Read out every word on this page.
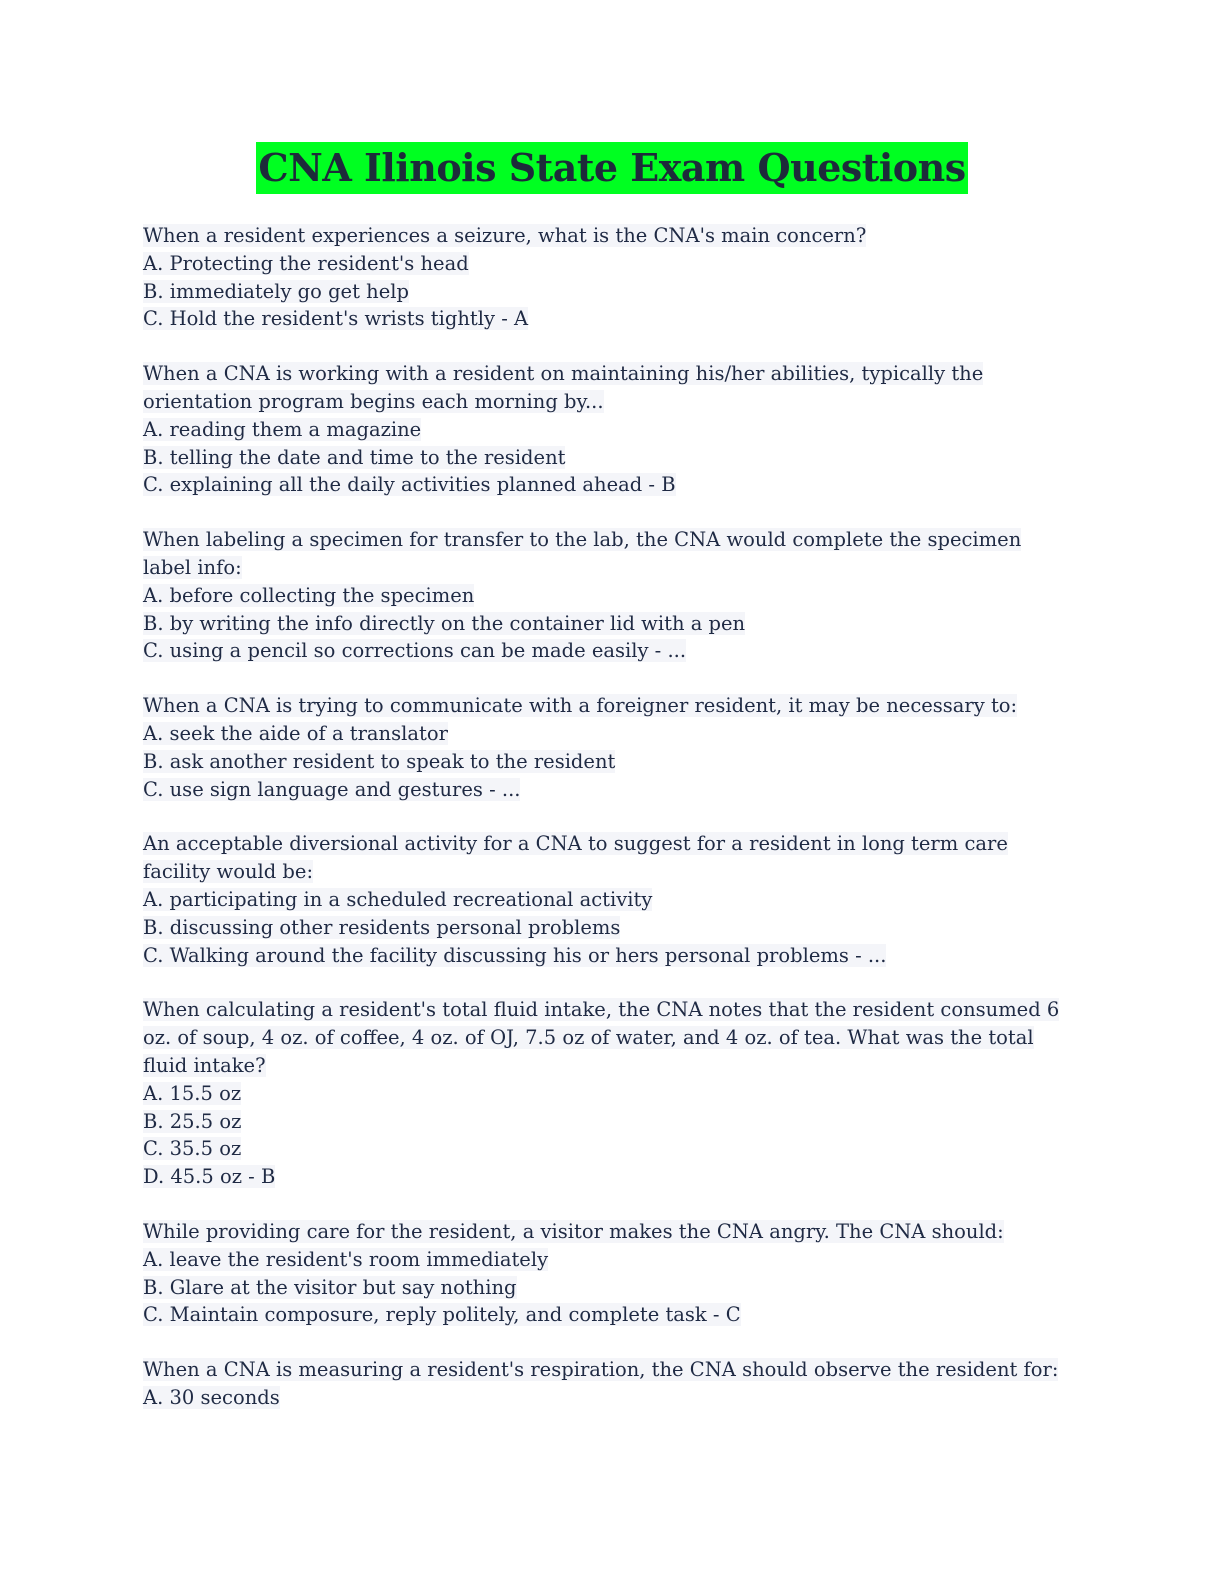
CNA Ilinois State Exam Questions
When a resident experiences a seizure, what is the CNA's main concern?
A. Protecting the resident's head
B. immediately go get help
C. Hold the resident's wrists tightly - A
When a CNA is working with a resident on maintaining his/her abilities, typically the
orientation program begins each morning by...
A. reading them a magazine
B. telling the date and time to the resident
C. explaining all the daily activities planned ahead - B
When labeling a specimen for transfer to the lab, the CNA would complete the specimen
label info:
A. before collecting the specimen
B. by writing the info directly on the container lid with a pen
C. using a pencil so corrections can be made easily - ...
When a CNA is trying to communicate with a foreigner resident, it may be necessary to:
A. seek the aide of a translator
B. ask another resident to speak to the resident
C. use sign language and gestures - ...
An acceptable diversional activity for a CNA to suggest for a resident in long term care
facility would be:
A. participating in a scheduled recreational activity
B. discussing other residents personal problems
C. Walking around the facility discussing his or hers personal problems - ...
When calculating a resident's total fluid intake, the CNA notes that the resident consumed 6
oz. of soup, 4 oz. of coffee, 4 oz. of OJ, 7.5 oz of water, and 4 oz. of tea. What was the total
fluid intake?
A. 15.5 oz
B. 25.5 oz
C. 35.5 oz
D. 45.5 oz - B
While providing care for the resident, a visitor makes the CNA angry. The CNA should:
A. leave the resident's room immediately
B. Glare at the visitor but say nothing
C. Maintain composure, reply politely, and complete task - C
When a CNA is measuring a resident's respiration, the CNA should observe the resident for:
A. 30 seconds
